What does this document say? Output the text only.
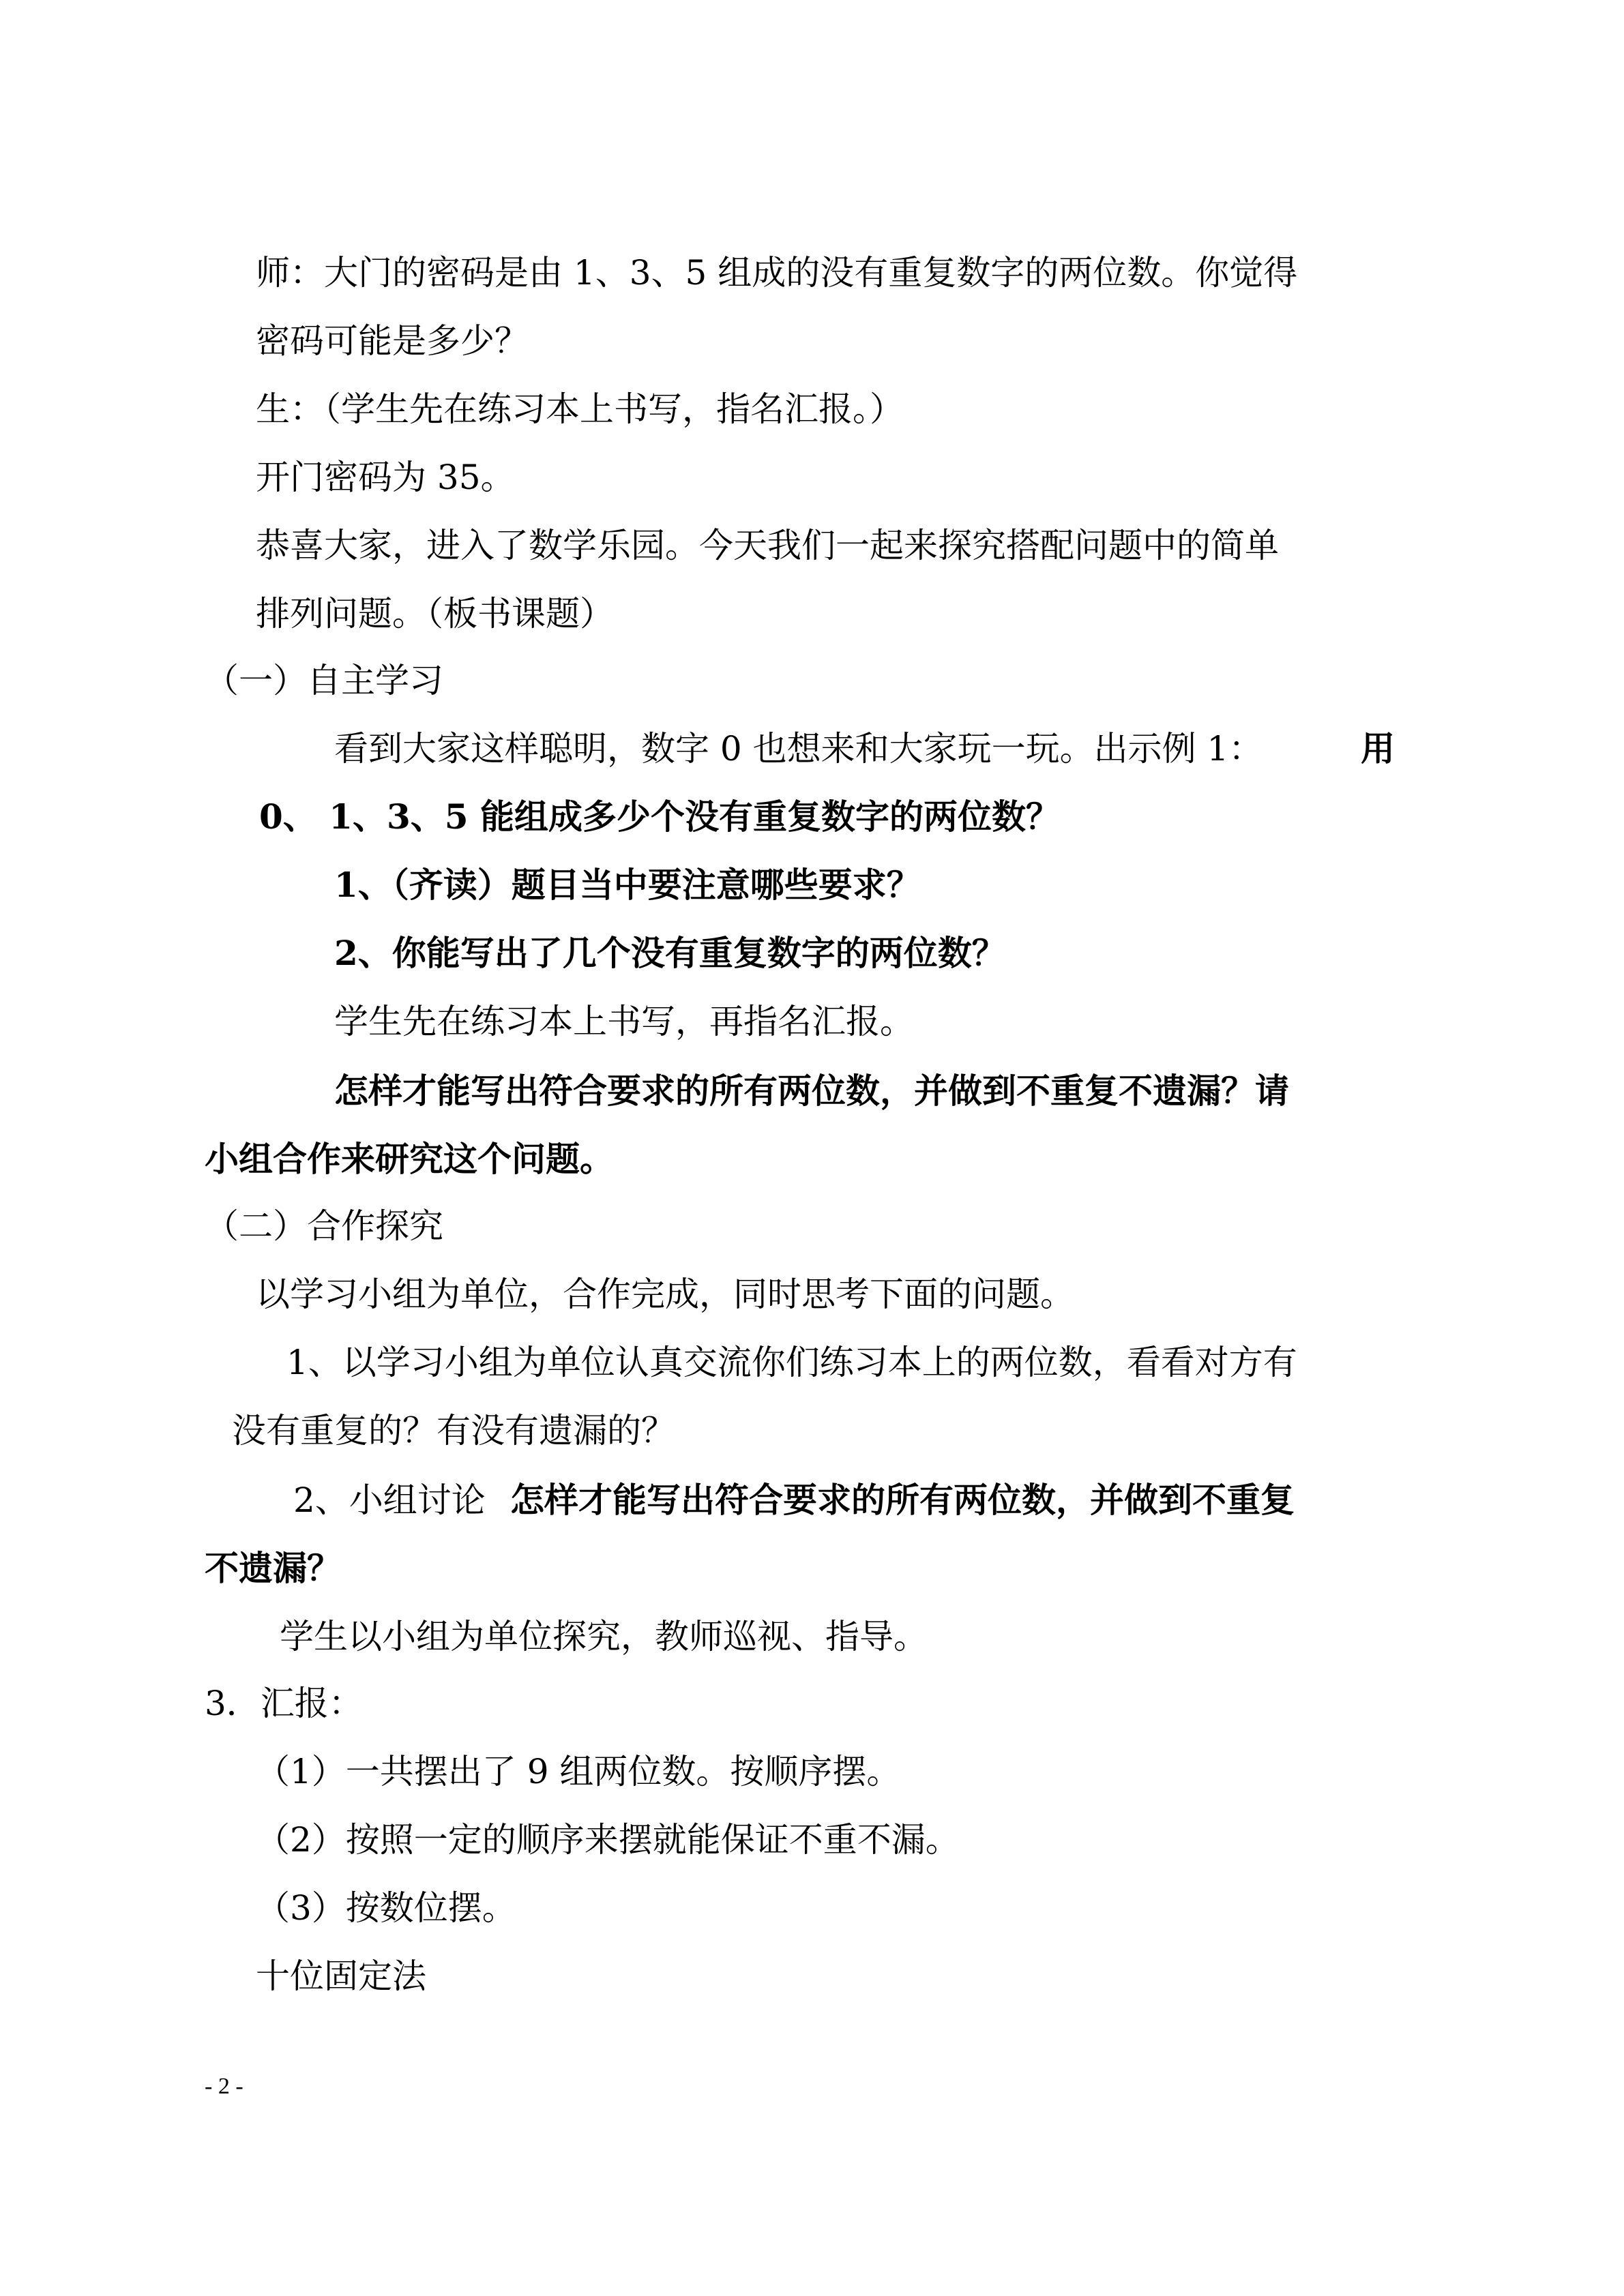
师：大门的密码是由 1、3、5 组成的没有重复数字的两位数。你觉得

密码可能是多少？

生：（学生先在练习本上书写，指名汇报。）

开门密码为 35。

恭喜大家，进入了数学乐园。今天我们一起来探究搭配问题中的简单

排列问题。（板书课题）

（一）自主学习

看到大家这样聪明，数字 0 也想来和大家玩一玩。出示例 1：	用

0、 1、3、5 能组成多少个没有重复数字的两位数？

1、（齐读）题目当中要注意哪些要求？

2、你能写出了几个没有重复数字的两位数？

学生先在练习本上书写，再指名汇报。

怎样才能写出符合要求的所有两位数，并做到不重复不遗漏？请

小组合作来研究这个问题。

（二）合作探究

以学习小组为单位，合作完成，同时思考下面的问题。

1、以学习小组为单位认真交流你们练习本上的两位数，看看对方有

没有重复的？有没有遗漏的？

2、小组讨论 怎样才能写出符合要求的所有两位数，并做到不重复

不遗漏？

学生以小组为单位探究，教师巡视、指导。

3．汇报：

（1）一共摆出了 9 组两位数。按顺序摆。

（2）按照一定的顺序来摆就能保证不重不漏。

（3）按数位摆。

十位固定法

- 2 -
